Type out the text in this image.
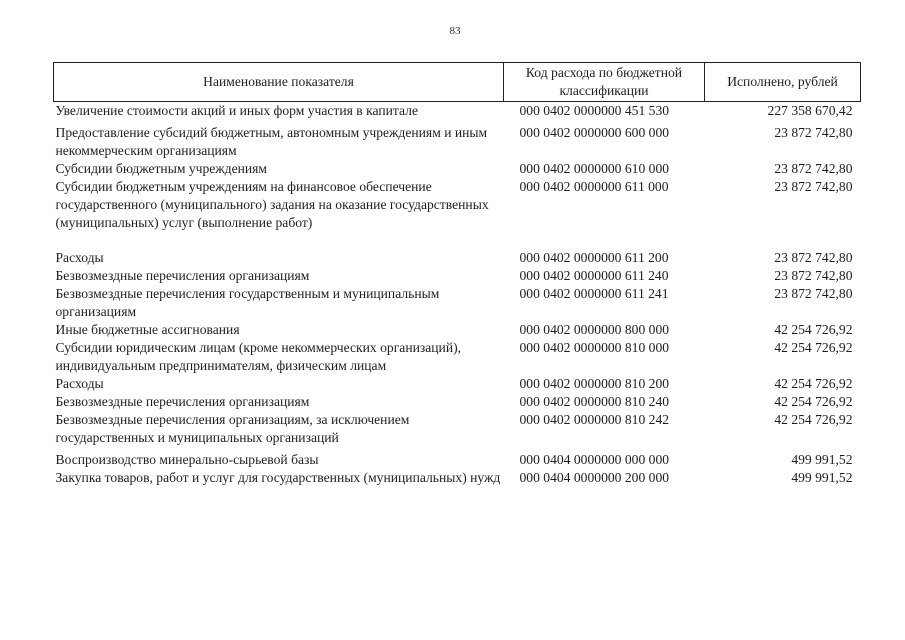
83
Наименование показателя	Код расхода по бюджетной классификации	Исполнено, рублей
Увеличение стоимости акций и иных форм участия в капитале	000 0402 0000000 451 530	227 358 670,42
Предоставление субсидий бюджетным, автономным учреждениям и иным некоммерческим организациям	000 0402 0000000 600 000	23 872 742,80
Субсидии бюджетным учреждениям	000 0402 0000000 610 000	23 872 742,80
Субсидии бюджетным учреждениям на финансовое обеспечение государственного (муниципального) задания на оказание государственных (муниципальных) услуг (выполнение работ)	000 0402 0000000 611 000	23 872 742,80
Расходы	000 0402 0000000 611 200	23 872 742,80
Безвозмездные перечисления организациям	000 0402 0000000 611 240	23 872 742,80
Безвозмездные перечисления государственным и муниципальным организациям	000 0402 0000000 611 241	23 872 742,80
Иные бюджетные ассигнования	000 0402 0000000 800 000	42 254 726,92
Субсидии юридическим лицам (кроме некоммерческих организаций), индивидуальным предпринимателям, физическим лицам	000 0402 0000000 810 000	42 254 726,92
Расходы	000 0402 0000000 810 200	42 254 726,92
Безвозмездные перечисления организациям	000 0402 0000000 810 240	42 254 726,92
Безвозмездные перечисления организациям, за исключением государственных и муниципальных организаций	000 0402 0000000 810 242	42 254 726,92
Воспроизводство минерально-сырьевой базы	000 0404 0000000 000 000	499 991,52
Закупка товаров, работ и услуг для государственных (муниципальных) нужд	000 0404 0000000 200 000	499 991,52
